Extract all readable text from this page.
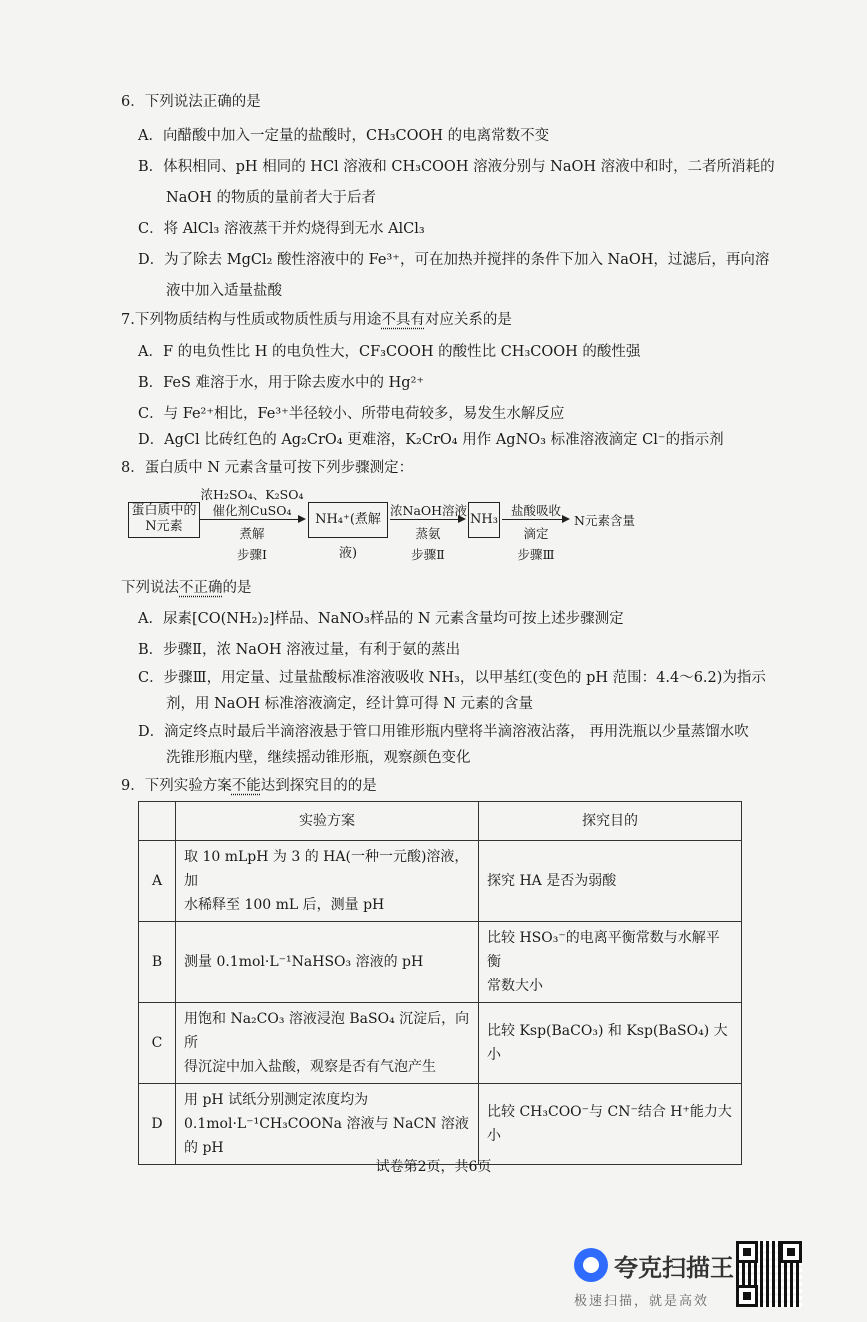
6．下列说法正确的是
A．向醋酸中加入一定量的盐酸时，CH₃COOH 的电离常数不变
B．体积相同、pH 相同的 HCl 溶液和 CH₃COOH 溶液分别与 NaOH 溶液中和时，二者所消耗的
NaOH 的物质的量前者大于后者
C．将 AlCl₃ 溶液蒸干并灼烧得到无水 AlCl₃
D．为了除去 MgCl₂ 酸性溶液中的 Fe³⁺，可在加热并搅拌的条件下加入 NaOH，过滤后，再向溶
液中加入适量盐酸
7.下列物质结构与性质或物质性质与用途不具有对应关系的是
A．F 的电负性比 H 的电负性大，CF₃COOH 的酸性比 CH₃COOH 的酸性强
B．FeS 难溶于水，用于除去废水中的 Hg²⁺
C．与 Fe²⁺相比，Fe³⁺半径较小、所带电荷较多，易发生水解反应
D．AgCl 比砖红色的 Ag₂CrO₄ 更难溶，K₂CrO₄ 用作 AgNO₃ 标准溶液滴定 Cl⁻的指示剂
8．蛋白质中 N 元素含量可按下列步骤测定：
蛋白质中的N元素
浓H₂SO₄、K₂SO₄
催化剂CuSO₄
煮解
步骤Ⅰ
NH₄⁺(煮解液)
浓NaOH溶液
蒸氨
步骤Ⅱ
NH₃
盐酸吸收
滴定
步骤Ⅲ
N元素含量
下列说法不正确的是
A．尿素[CO(NH₂)₂]样品、NaNO₃样品的 N 元素含量均可按上述步骤测定
B．步骤Ⅱ，浓 NaOH 溶液过量，有利于氨的蒸出
C．步骤Ⅲ，用定量、过量盐酸标准溶液吸收 NH₃，以甲基红(变色的 pH 范围：4.4～6.2)为指示
剂，用 NaOH 标准溶液滴定，经计算可得 N 元素的含量
D．滴定终点时最后半滴溶液悬于管口用锥形瓶内壁将半滴溶液沾落， 再用洗瓶以少量蒸馏水吹
洗锥形瓶内壁，继续摇动锥形瓶，观察颜色变化
9．下列实验方案不能达到探究目的的是
	实验方案	探究目的
A	取 10 mLpH 为 3 的 HA(一种一元酸)溶液，加
水稀释至 100 mL 后，测量 pH	探究 HA 是否为弱酸

B	测量 0.1mol·L⁻¹NaHSO₃ 溶液的 pH	比较 HSO₃⁻的电离平衡常数与水解平衡
常数大小

C	用饱和 Na₂CO₃ 溶液浸泡 BaSO₄ 沉淀后，向所
得沉淀中加入盐酸，观察是否有气泡产生	比较 Ksp(BaCO₃) 和 Ksp(BaSO₄) 大小

D	用 pH 试纸分别测定浓度均为
0.1mol·L⁻¹CH₃COONa 溶液与 NaCN 溶液的 pH	比较 CH₃COO⁻与 CN⁻结合 H⁺能力大小
试卷第2页，共6页
夸克扫描王
极速扫描，就是高效
